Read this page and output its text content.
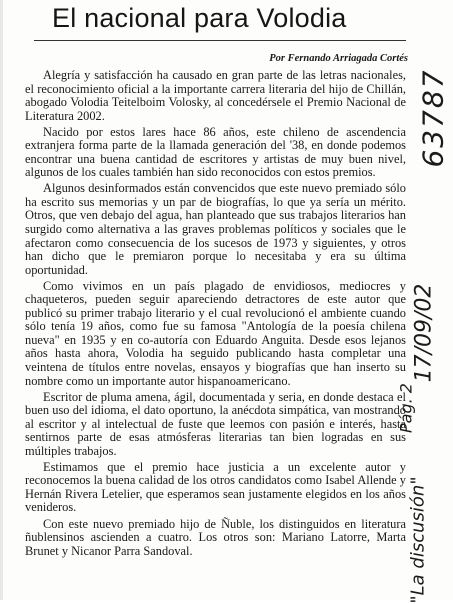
El nacional para Volodia
Por Fernando Arriagada Cortés

Alegría y satisfacción ha causado en gran parte de las letras nacionales, el reconocimiento oficial a la importante carrera literaria del hijo de Chillán, abogado Volodia Teitelboim Volosky, al concedérsele el Premio Nacional de Literatura 2002.

Nacido por estos lares hace 86 años, este chileno de ascendencia extranjera forma parte de la llamada generación del '38, en donde podemos encontrar una buena cantidad de escritores y artistas de muy buen nivel, algunos de los cuales también han sido reconocidos con estos premios.

Algunos desinformados están convencidos que este nuevo premiado sólo ha escrito sus memorias y un par de biografías, lo que ya sería un mérito. Otros, que ven debajo del agua, han planteado que sus trabajos literarios han surgido como alternativa a las graves problemas políticos y sociales que le afectaron como consecuencia de los sucesos de 1973 y siguientes, y otros han dicho que le premiaron porque lo necesitaba y era su última oportunidad.

Como vivimos en un país plagado de envidiosos, mediocres y chaqueteros, pueden seguir apareciendo detractores de este autor que publicó su primer trabajo literario y el cual revolucionó el ambiente cuando sólo tenía 19 años, como fue su famosa "Antología de la poesía chilena nueva" en 1935 y en co-autoría con Eduardo Anguita. Desde esos lejanos años hasta ahora, Volodia ha seguido publicando hasta completar una veintena de títulos entre novelas, ensayos y biografías que han inserto su nombre como un importante autor hispanoamericano.

Escritor de pluma amena, ágil, documentada y seria, en donde destaca el buen uso del idioma, el dato oportuno, la anécdota simpática, van mostrando al escritor y al intelectual de fuste que leemos con pasión e interés, hasta sentirnos parte de esas atmósferas literarias tan bien logradas en sus múltiples trabajos.

Estimamos que el premio hace justicia a un excelente autor y reconocemos la buena calidad de los otros candidatos como Isabel Allende y Hernán Rivera Letelier, que esperamos sean justamente elegidos en los años venideros.

Con este nuevo premiado hijo de Ñuble, los distinguidos en literatura ñublensinos ascienden a cuatro. Los otros son: Mariano Latorre, Marta Brunet y Nicanor Parra Sandoval.

63787
17/09/02
Pág. 2
"La discusión"
